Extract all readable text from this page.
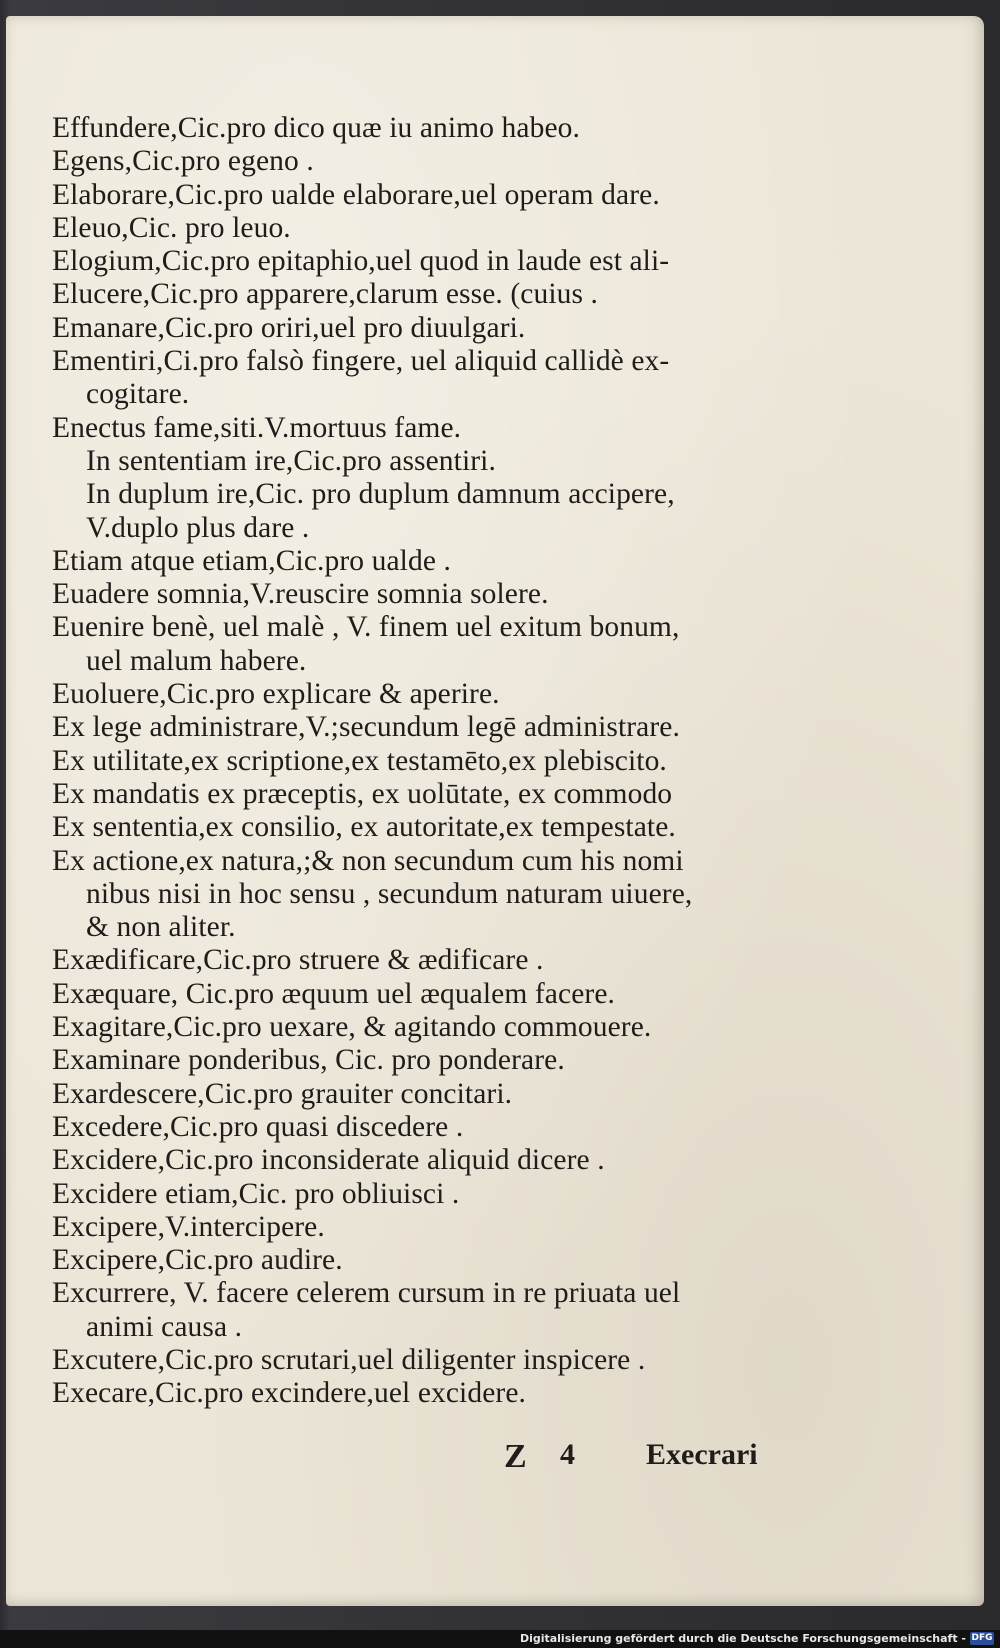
Effundere,Cic.pro dico quæ iu animo habeo.
Egens,Cic.pro egeno .
Elaborare,Cic.pro ualde elaborare,uel operam dare.
Eleuo,Cic. pro leuo.
Elogium,Cic.pro epitaphio,uel quod in laude est ali-
Elucere,Cic.pro apparere,clarum esse. (cuius .
Emanare,Cic.pro oriri,uel pro diuulgari.
Ementiri,Ci.pro falsò fingere, uel aliquid callidè ex-
cogitare.
Enectus fame,siti.V.mortuus fame.
In sententiam ire,Cic.pro assentiri.
In duplum ire,Cic. pro duplum damnum accipere,
V.duplo plus dare .
Etiam atque etiam,Cic.pro ualde .
Euadere somnia,V.reuscire somnia solere.
Euenire benè, uel malè , V. finem uel exitum bonum,
uel malum habere.
Euoluere,Cic.pro explicare & aperire.
Ex lege administrare,V.;secundum legē administrare.
Ex utilitate,ex scriptione,ex testamēto,ex plebiscito.
Ex mandatis ex præceptis, ex uolūtate, ex commodo
Ex sententia,ex consilio, ex autoritate,ex tempestate.
Ex actione,ex natura,;& non secundum cum his nomi
nibus nisi in hoc sensu , secundum naturam uiuere,
& non aliter.
Exædificare,Cic.pro struere & ædificare .
Exæquare, Cic.pro æquum uel æqualem facere.
Exagitare,Cic.pro uexare, & agitando commouere.
Examinare ponderibus, Cic. pro ponderare.
Exardescere,Cic.pro grauiter concitari.
Excedere,Cic.pro quasi discedere .
Excidere,Cic.pro inconsiderate aliquid dicere .
Excidere etiam,Cic. pro obliuisci .
Excipere,V.intercipere.
Excipere,Cic.pro audire.
Excurrere, V. facere celerem cursum in re priuata uel
animi causa .
Excutere,Cic.pro scrutari,uel diligenter inspicere .
Execare,Cic.pro excindere,uel excidere.
Z 4 Execrari
Digitalisierung gefördert durch die Deutsche Forschungsgemeinschaft - DFG
